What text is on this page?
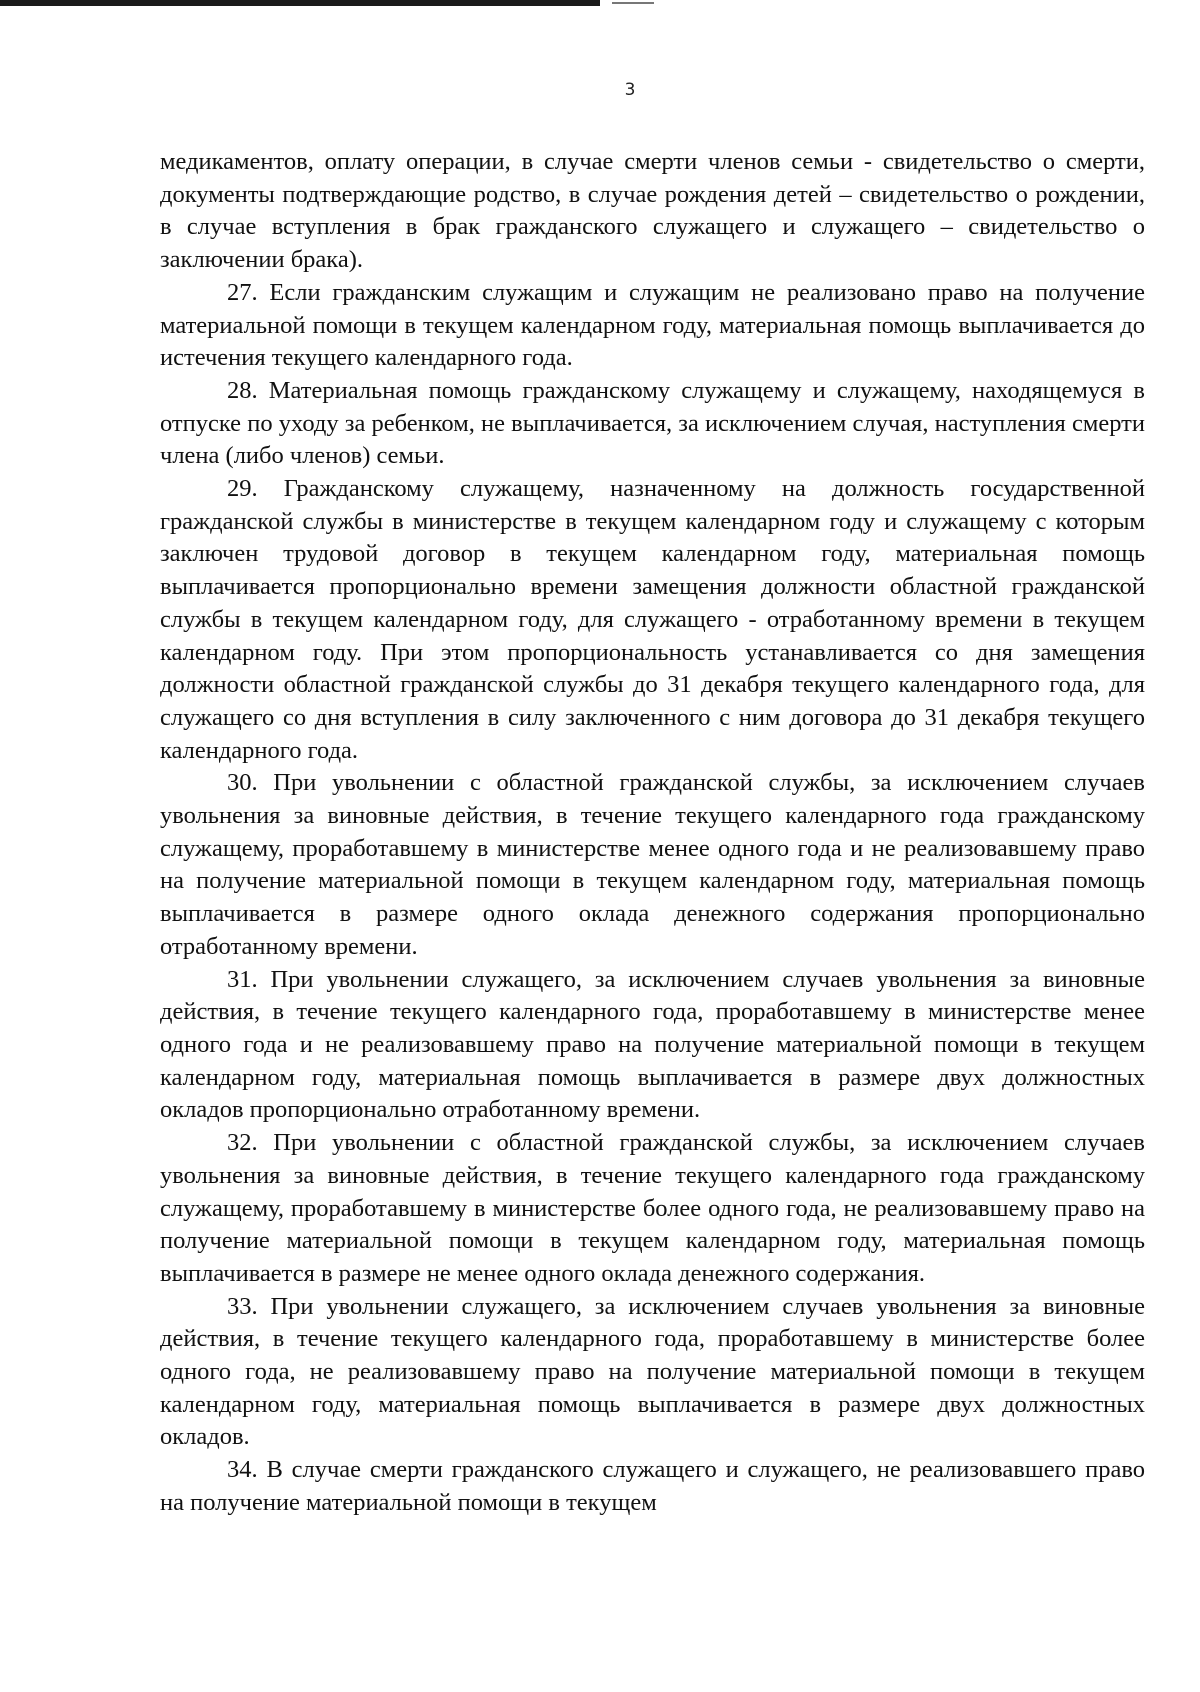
3

медикаментов, оплату операции, в случае смерти членов семьи - свидетельство о смерти, документы подтверждающие родство, в случае рождения детей – свидетельство о рождении, в случае вступления в брак гражданского служащего и служащего – свидетельство о заключении брака).

27. Если гражданским служащим и служащим не реализовано право на получение материальной помощи в текущем календарном году, материальная помощь выплачивается до истечения текущего календарного года.

28. Материальная помощь гражданскому служащему и служащему, находящемуся в отпуске по уходу за ребенком, не выплачивается, за исключением случая, наступления смерти члена (либо членов) семьи.

29. Гражданскому служащему, назначенному на должность государственной гражданской службы в министерстве в текущем календарном году и служащему с которым заключен трудовой договор в текущем календарном году, материальная помощь выплачивается пропорционально времени замещения должности областной гражданской службы в текущем календарном году, для служащего - отработанному времени в текущем календарном году. При этом пропорциональность устанавливается со дня замещения должности областной гражданской службы до 31 декабря текущего календарного года, для служащего со дня вступления в силу заключенного с ним договора до 31 декабря текущего календарного года.

30. При увольнении с областной гражданской службы, за исключением случаев увольнения за виновные действия, в течение текущего календарного года гражданскому служащему, проработавшему в министерстве менее одного года и не реализовавшему право на получение материальной помощи в текущем календарном году, материальная помощь выплачивается в размере одного оклада денежного содержания пропорционально отработанному времени.

31. При увольнении служащего, за исключением случаев увольнения за виновные действия, в течение текущего календарного года, проработавшему в министерстве менее одного года и не реализовавшему право на получение материальной помощи в текущем календарном году, материальная помощь выплачивается в размере двух должностных окладов пропорционально отработанному времени.

32. При увольнении с областной гражданской службы, за исключением случаев увольнения за виновные действия, в течение текущего календарного года гражданскому служащему, проработавшему в министерстве более одного года, не реализовавшему право на получение материальной помощи в текущем календарном году, материальная помощь выплачивается в размере не менее одного оклада денежного содержания.

33. При увольнении служащего, за исключением случаев увольнения за виновные действия, в течение текущего календарного года, проработавшему в министерстве более одного года, не реализовавшему право на получение материальной помощи в текущем календарном году, материальная помощь выплачивается в размере двух должностных окладов.

34. В случае смерти гражданского служащего и служащего, не реализовавшего право на получение материальной помощи в текущем
